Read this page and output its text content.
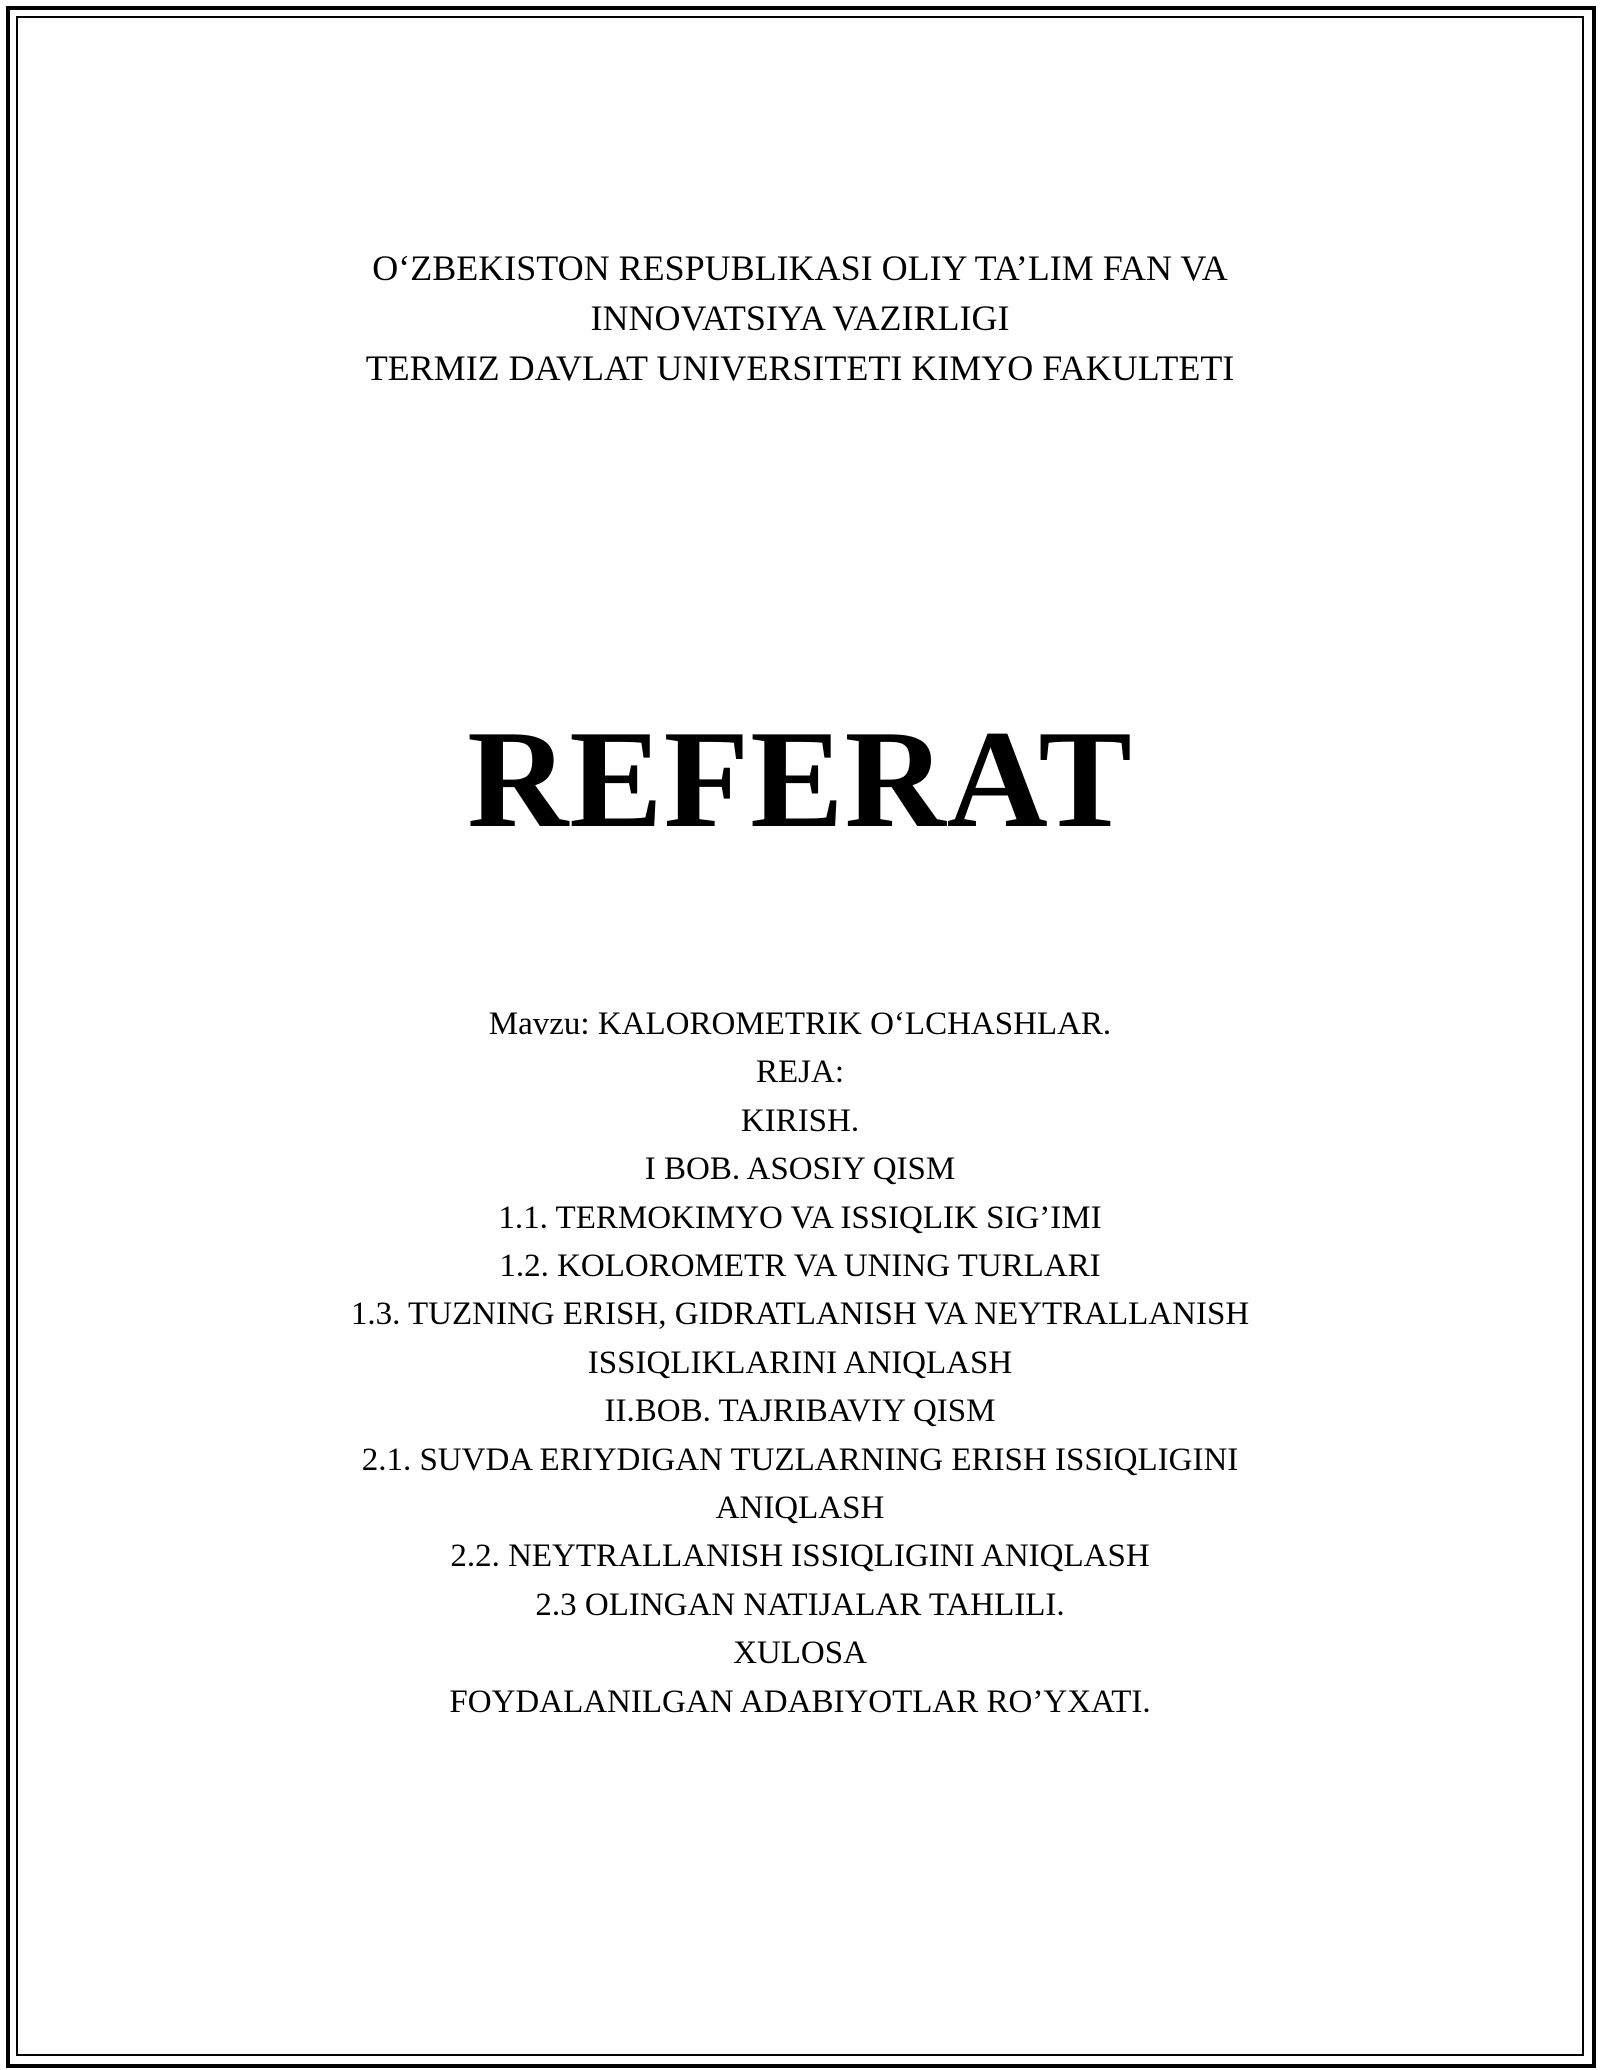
O‘ZBEKISTON RESPUBLIKASI OLIY TA’LIM FAN VA
INNOVATSIYA VAZIRLIGI
TERMIZ DAVLAT UNIVERSITETI KIMYO FAKULTETI
REFERAT
Mavzu: KALOROMETRIK O‘LCHASHLAR.
REJA:
KIRISH.
I BOB. ASOSIY QISM
1.1. TERMOKIMYO VA ISSIQLIK SIG’IMI
1.2. KOLOROMETR VA UNING TURLARI
1.3. TUZNING ERISH, GIDRATLANISH VA NEYTRALLANISH
ISSIQLIKLARINI ANIQLASH
II.BOB. TAJRIBAVIY QISM
2.1. SUVDA ERIYDIGAN TUZLARNING ERISH ISSIQLIGINI
ANIQLASH
2.2. NEYTRALLANISH ISSIQLIGINI ANIQLASH
2.3 OLINGAN NATIJALAR TAHLILI.
XULOSA
FOYDALANILGAN ADABIYOTLAR RO’YXATI.
